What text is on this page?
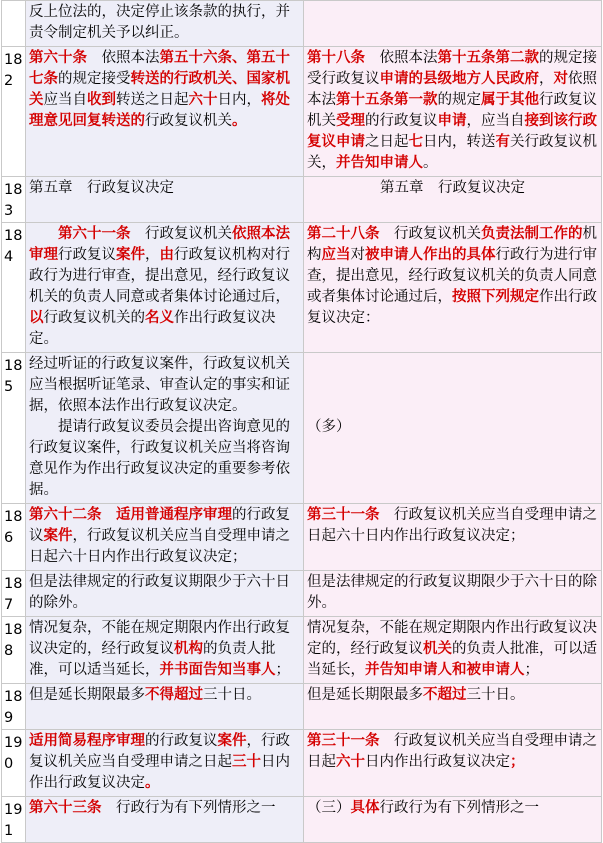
	反上位法的，决定停止该条款的执行，并责令制定机关予以纠正。	
182	第六十条　依照本法第五十六条、第五十七条的规定接受转送的行政机关、国家机关应当自收到转送之日起六十日内，将处理意见回复转送的行政复议机关。	第十八条　依照本法第十五条第二款的规定接受行政复议申请的县级地方人民政府，对依照本法第十五条第一款的规定属于其他行政复议机关受理的行政复议申请，应当自接到该行政复议申请之日起七日内，转送有关行政复议机关，并告知申请人。
183	第五章　行政复议决定	第五章　行政复议决定
184	　　第六十一条　行政复议机关依照本法审理行政复议案件，由行政复议机构对行政行为进行审查，提出意见，经行政复议机关的负责人同意或者集体讨论通过后，以行政复议机关的名义作出行政复议决定。	第二十八条　行政复议机关负责法制工作的机构应当对被申请人作出的具体行政行为进行审查，提出意见，经行政复议机关的负责人同意或者集体讨论通过后，按照下列规定作出行政复议决定：
185	经过听证的行政复议案件，行政复议机关应当根据听证笔录、审查认定的事实和证据，依照本法作出行政复议决定。
提请行政复议委员会提出咨询意见的行政复议案件，行政复议机关应当将咨询意见作为作出行政复议决定的重要参考依据。	（多）
186	第六十二条　 适用普通程序审理的行政复议案件，行政复议机关应当自受理申请之日起六十日内作出行政复议决定；	第三十一条　行政复议机关应当自受理申请之日起六十日内作出行政复议决定；
187	但是法律规定的行政复议期限少于六十日的除外。	但是法律规定的行政复议期限少于六十日的除外。
188	情况复杂，不能在规定期限内作出行政复议决定的，经行政复议机构的负责人批准，可以适当延长，并书面告知当事人；	情况复杂，不能在规定期限内作出行政复议决定的，经行政复议机关的负责人批准，可以适当延长，并告知申请人和被申请人；
189	但是延长期限最多不得超过三十日。	但是延长期限最多不超过三十日。
190	适用简易程序审理的行政复议案件，行政复议机关应当自受理申请之日起三十日内作出行政复议决定。	第三十一条　行政复议机关应当自受理申请之日起六十日内作出行政复议决定；
191	第六十三条　行政行为有下列情形之一	（三）具体行政行为有下列情形之一
